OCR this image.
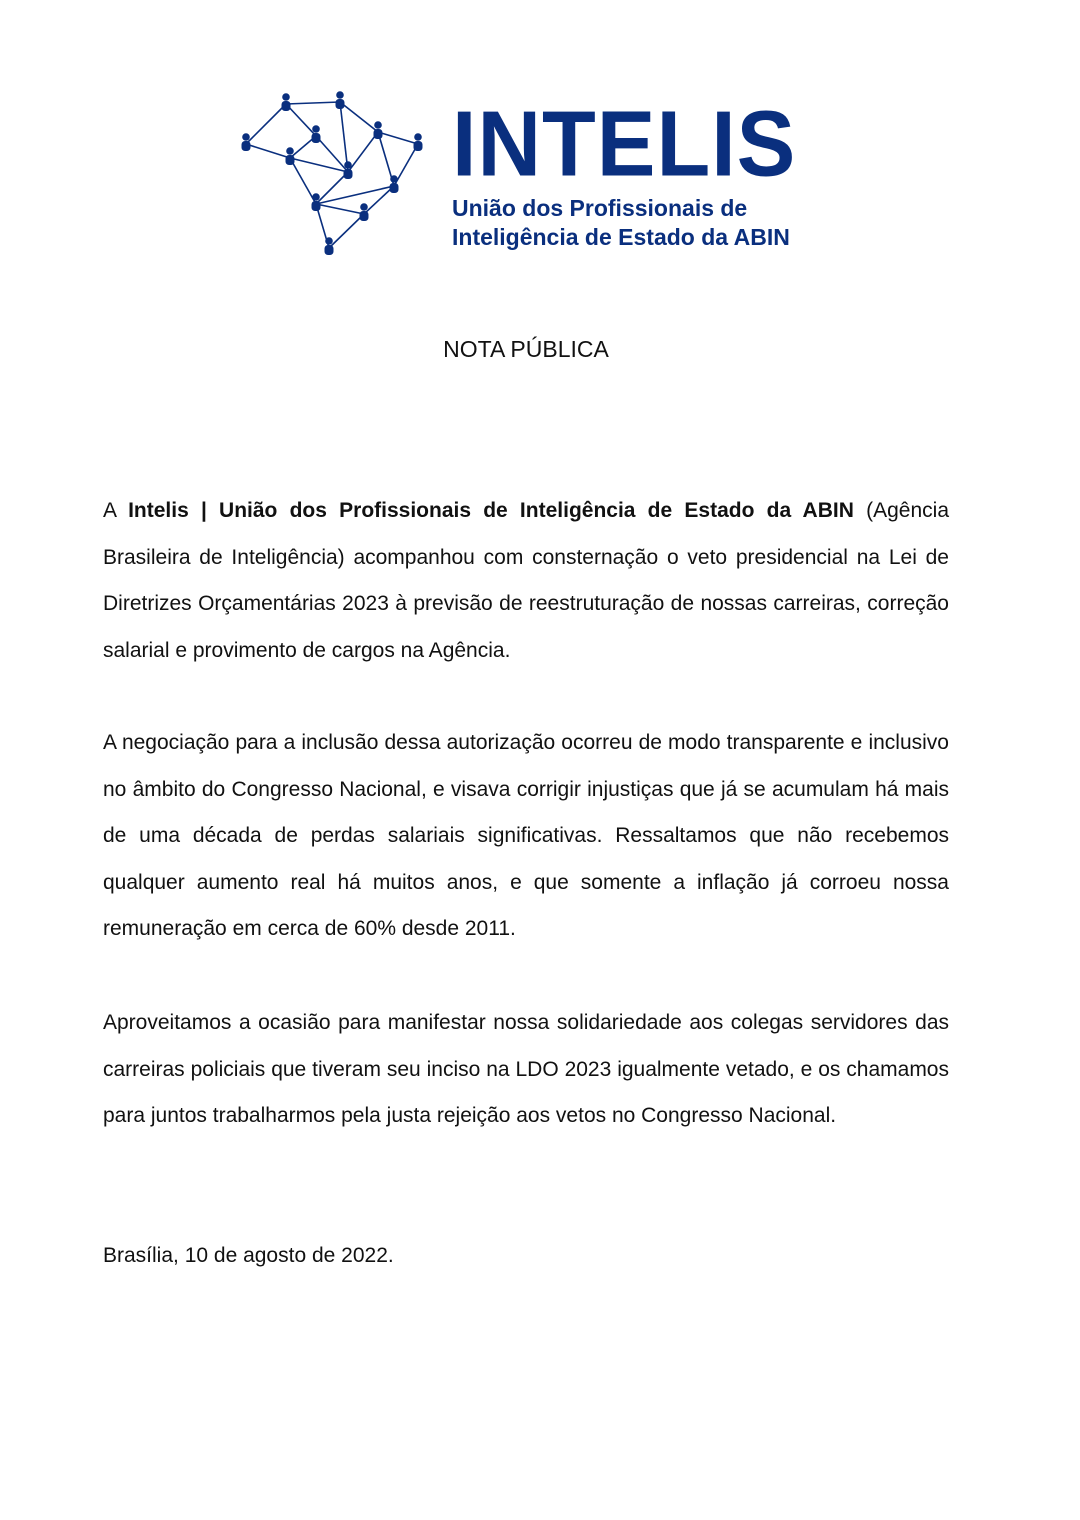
INTELIS
União dos Profissionais de
Inteligência de Estado da ABIN
NOTA PÚBLICA

A Intelis | União dos Profissionais de Inteligência de Estado da ABIN (Agência Brasileira de Inteligência) acompanhou com consternação o veto presidencial na Lei de Diretrizes Orçamentárias 2023 à previsão de reestruturação de nossas carreiras, correção salarial e provimento de cargos na Agência.

A negociação para a inclusão dessa autorização ocorreu de modo transparente e inclusivo no âmbito do Congresso Nacional, e visava corrigir injustiças que já se acumulam há mais de uma década de perdas salariais significativas. Ressaltamos que não recebemos qualquer aumento real há muitos anos, e que somente a inflação já corroeu nossa remuneração em cerca de 60% desde 2011.

Aproveitamos a ocasião para manifestar nossa solidariedade aos colegas servidores das carreiras policiais que tiveram seu inciso na LDO 2023 igualmente vetado, e os chamamos para juntos trabalharmos pela justa rejeição aos vetos no Congresso Nacional.

Brasília, 10 de agosto de 2022.
